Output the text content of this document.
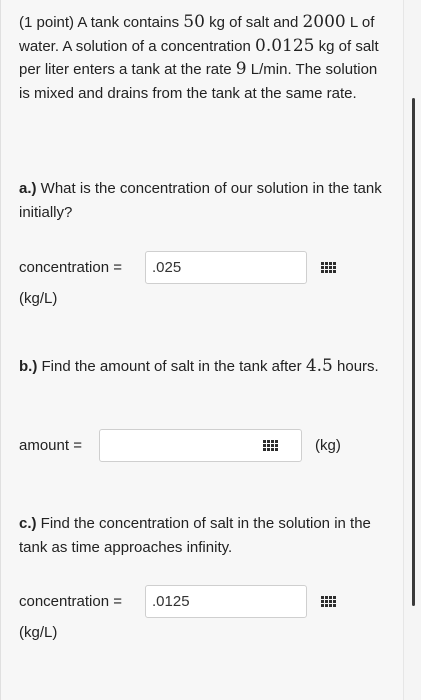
(1 point) A tank contains 50 kg of salt and 2000 L of water. A solution of a concentration 0.0125 kg of salt per liter enters a tank at the rate 9 L/min. The solution is mixed and drains from the tank at the same rate.
a.) What is the concentration of our solution in the tank initially?
concentration =	.025
(kg/L)
b.) Find the amount of salt in the tank after 4.5 hours.
amount =	(kg)
c.) Find the concentration of salt in the solution in the tank as time approaches infinity.
concentration =	.0125
(kg/L)
